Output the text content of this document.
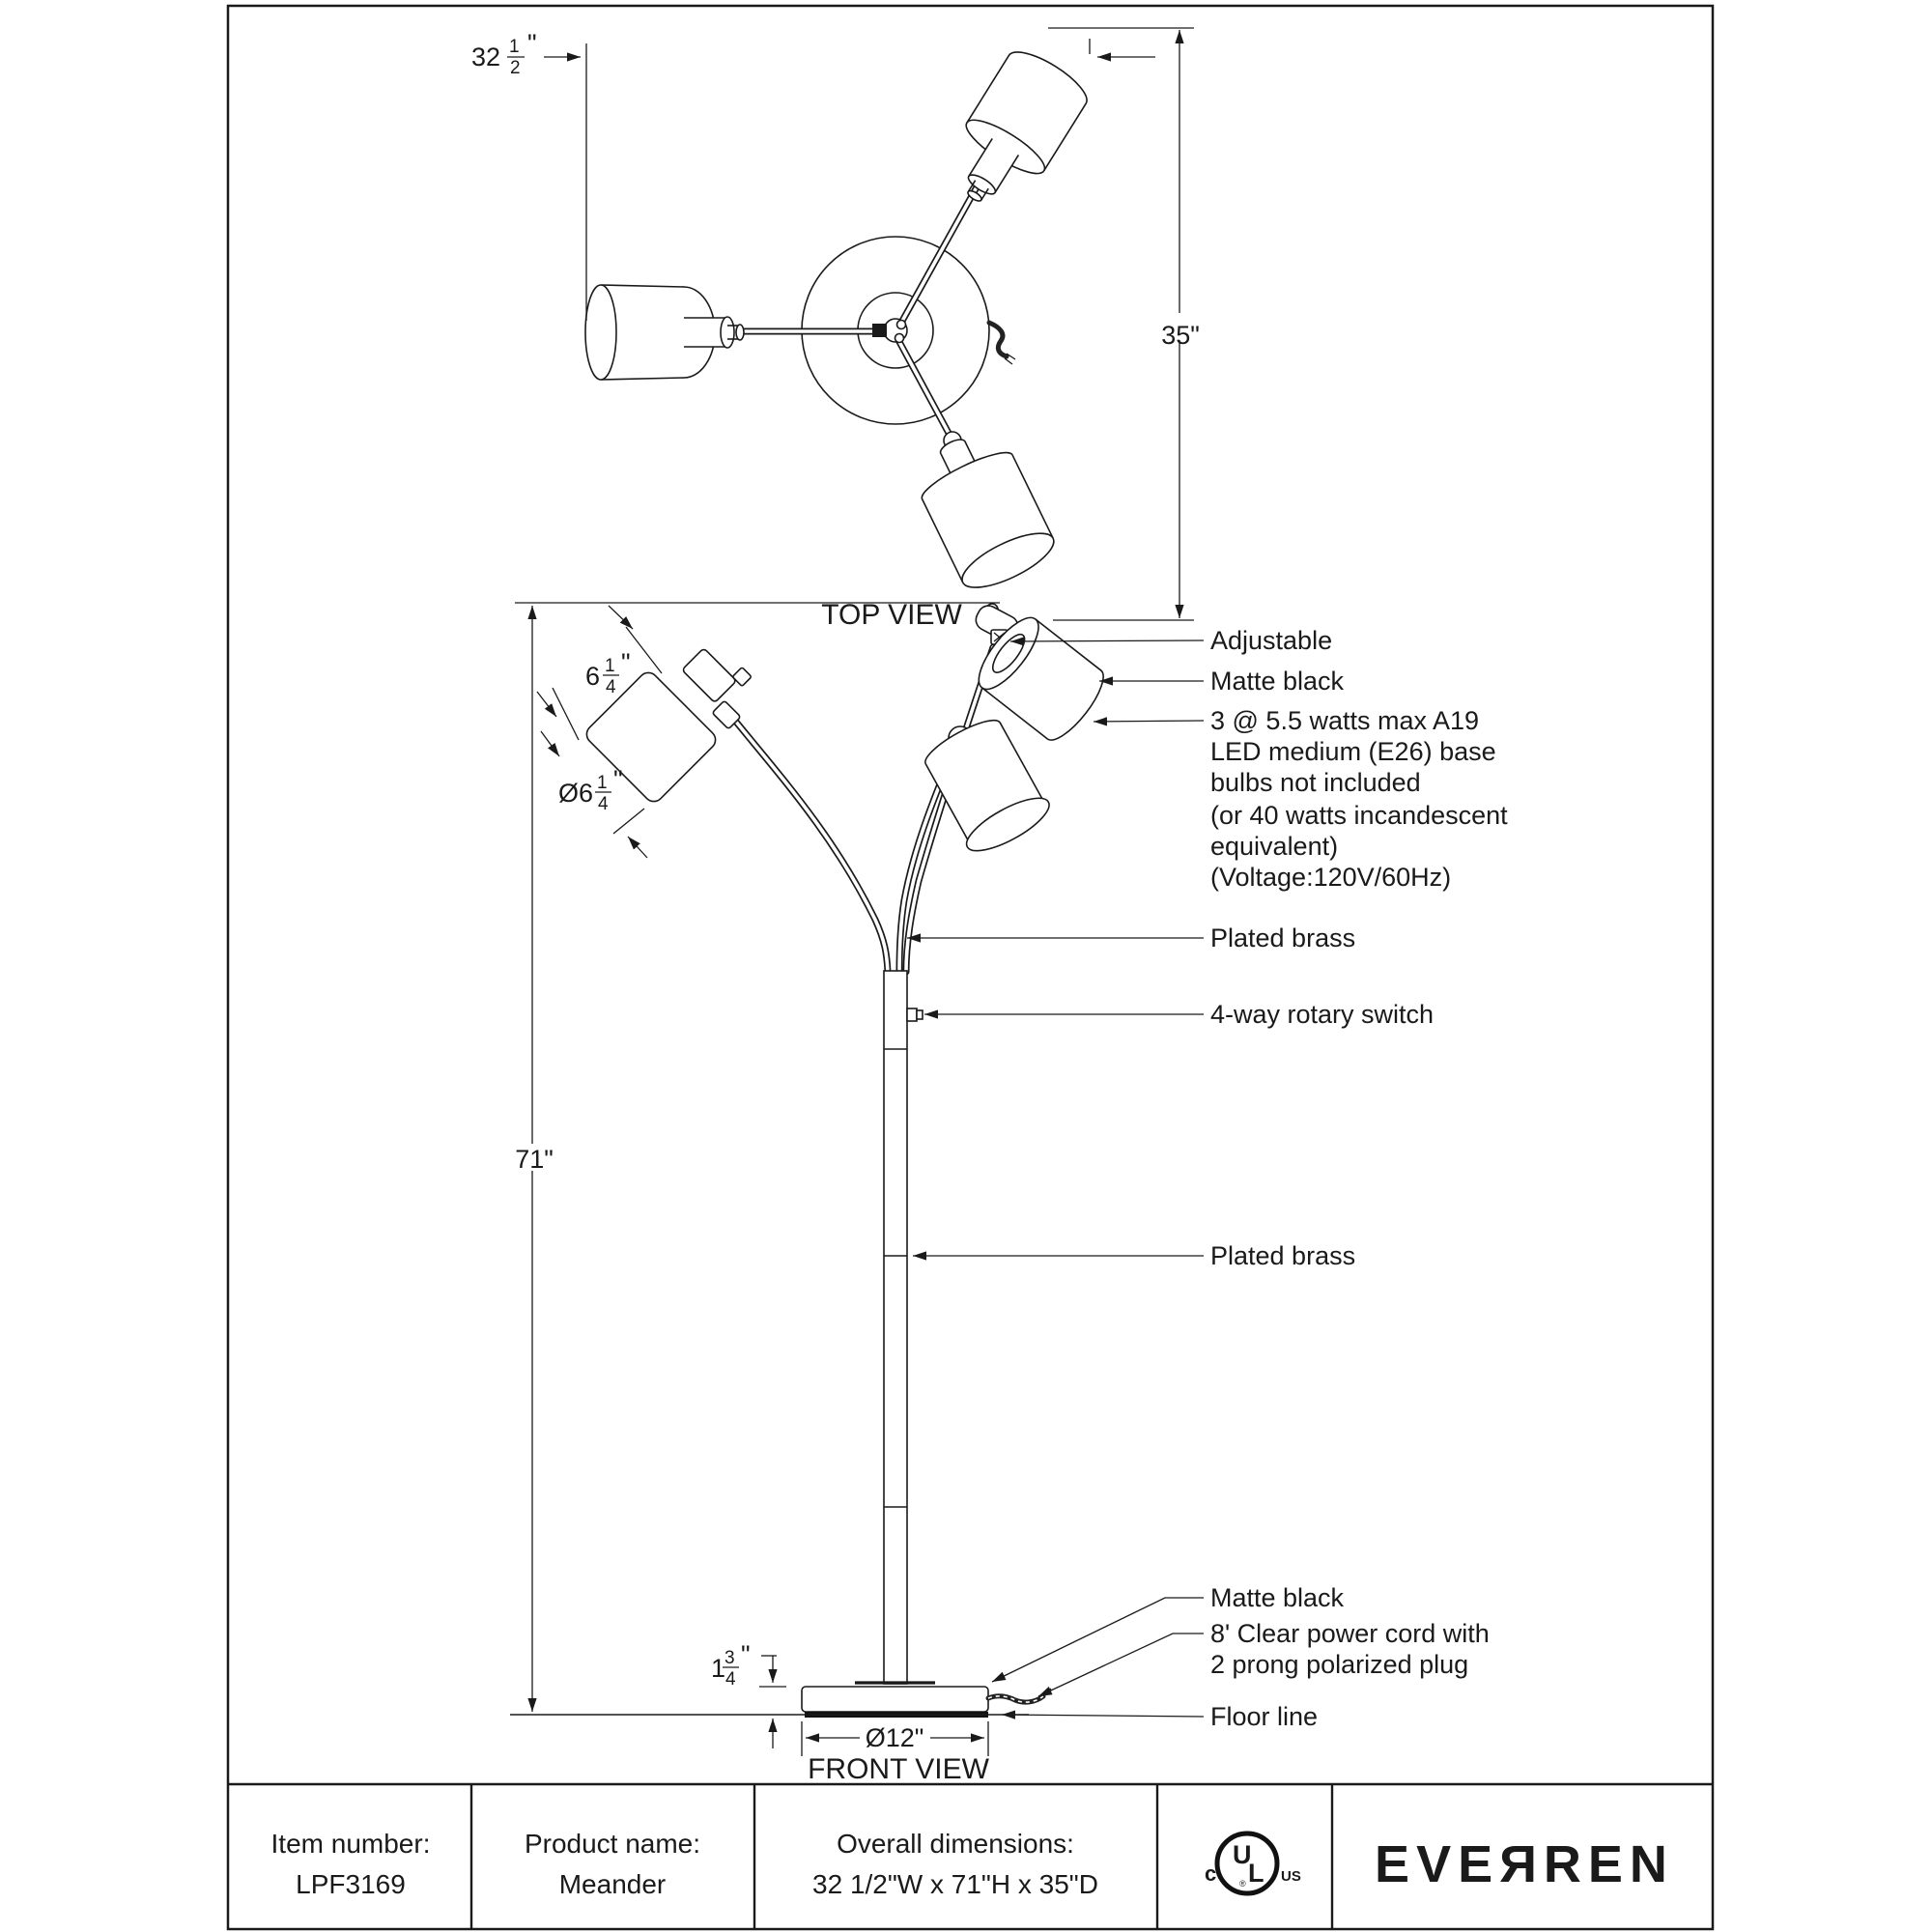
32 1
2
"
35"
TOP VIEW
71"
6 1
4
"
Ø6 1
4
"
1
3
4
"
Ø12"
FRONT VIEW
Adjustable
Matte black
3 @ 5.5 watts max A19
LED medium (E26) base
bulbs not included
(or 40 watts incandescent
equivalent)
(Voltage:120V/60Hz)
Plated brass
4-way rotary switch
Plated brass
Matte black
8' Clear power cord with
2 prong polarized plug
Floor line
Item number:
LPF3169
Product name:
Meander
Overall dimensions:
32 1/2"W x 71"H x 35"D	c
U
L
® US EVEЯREN
